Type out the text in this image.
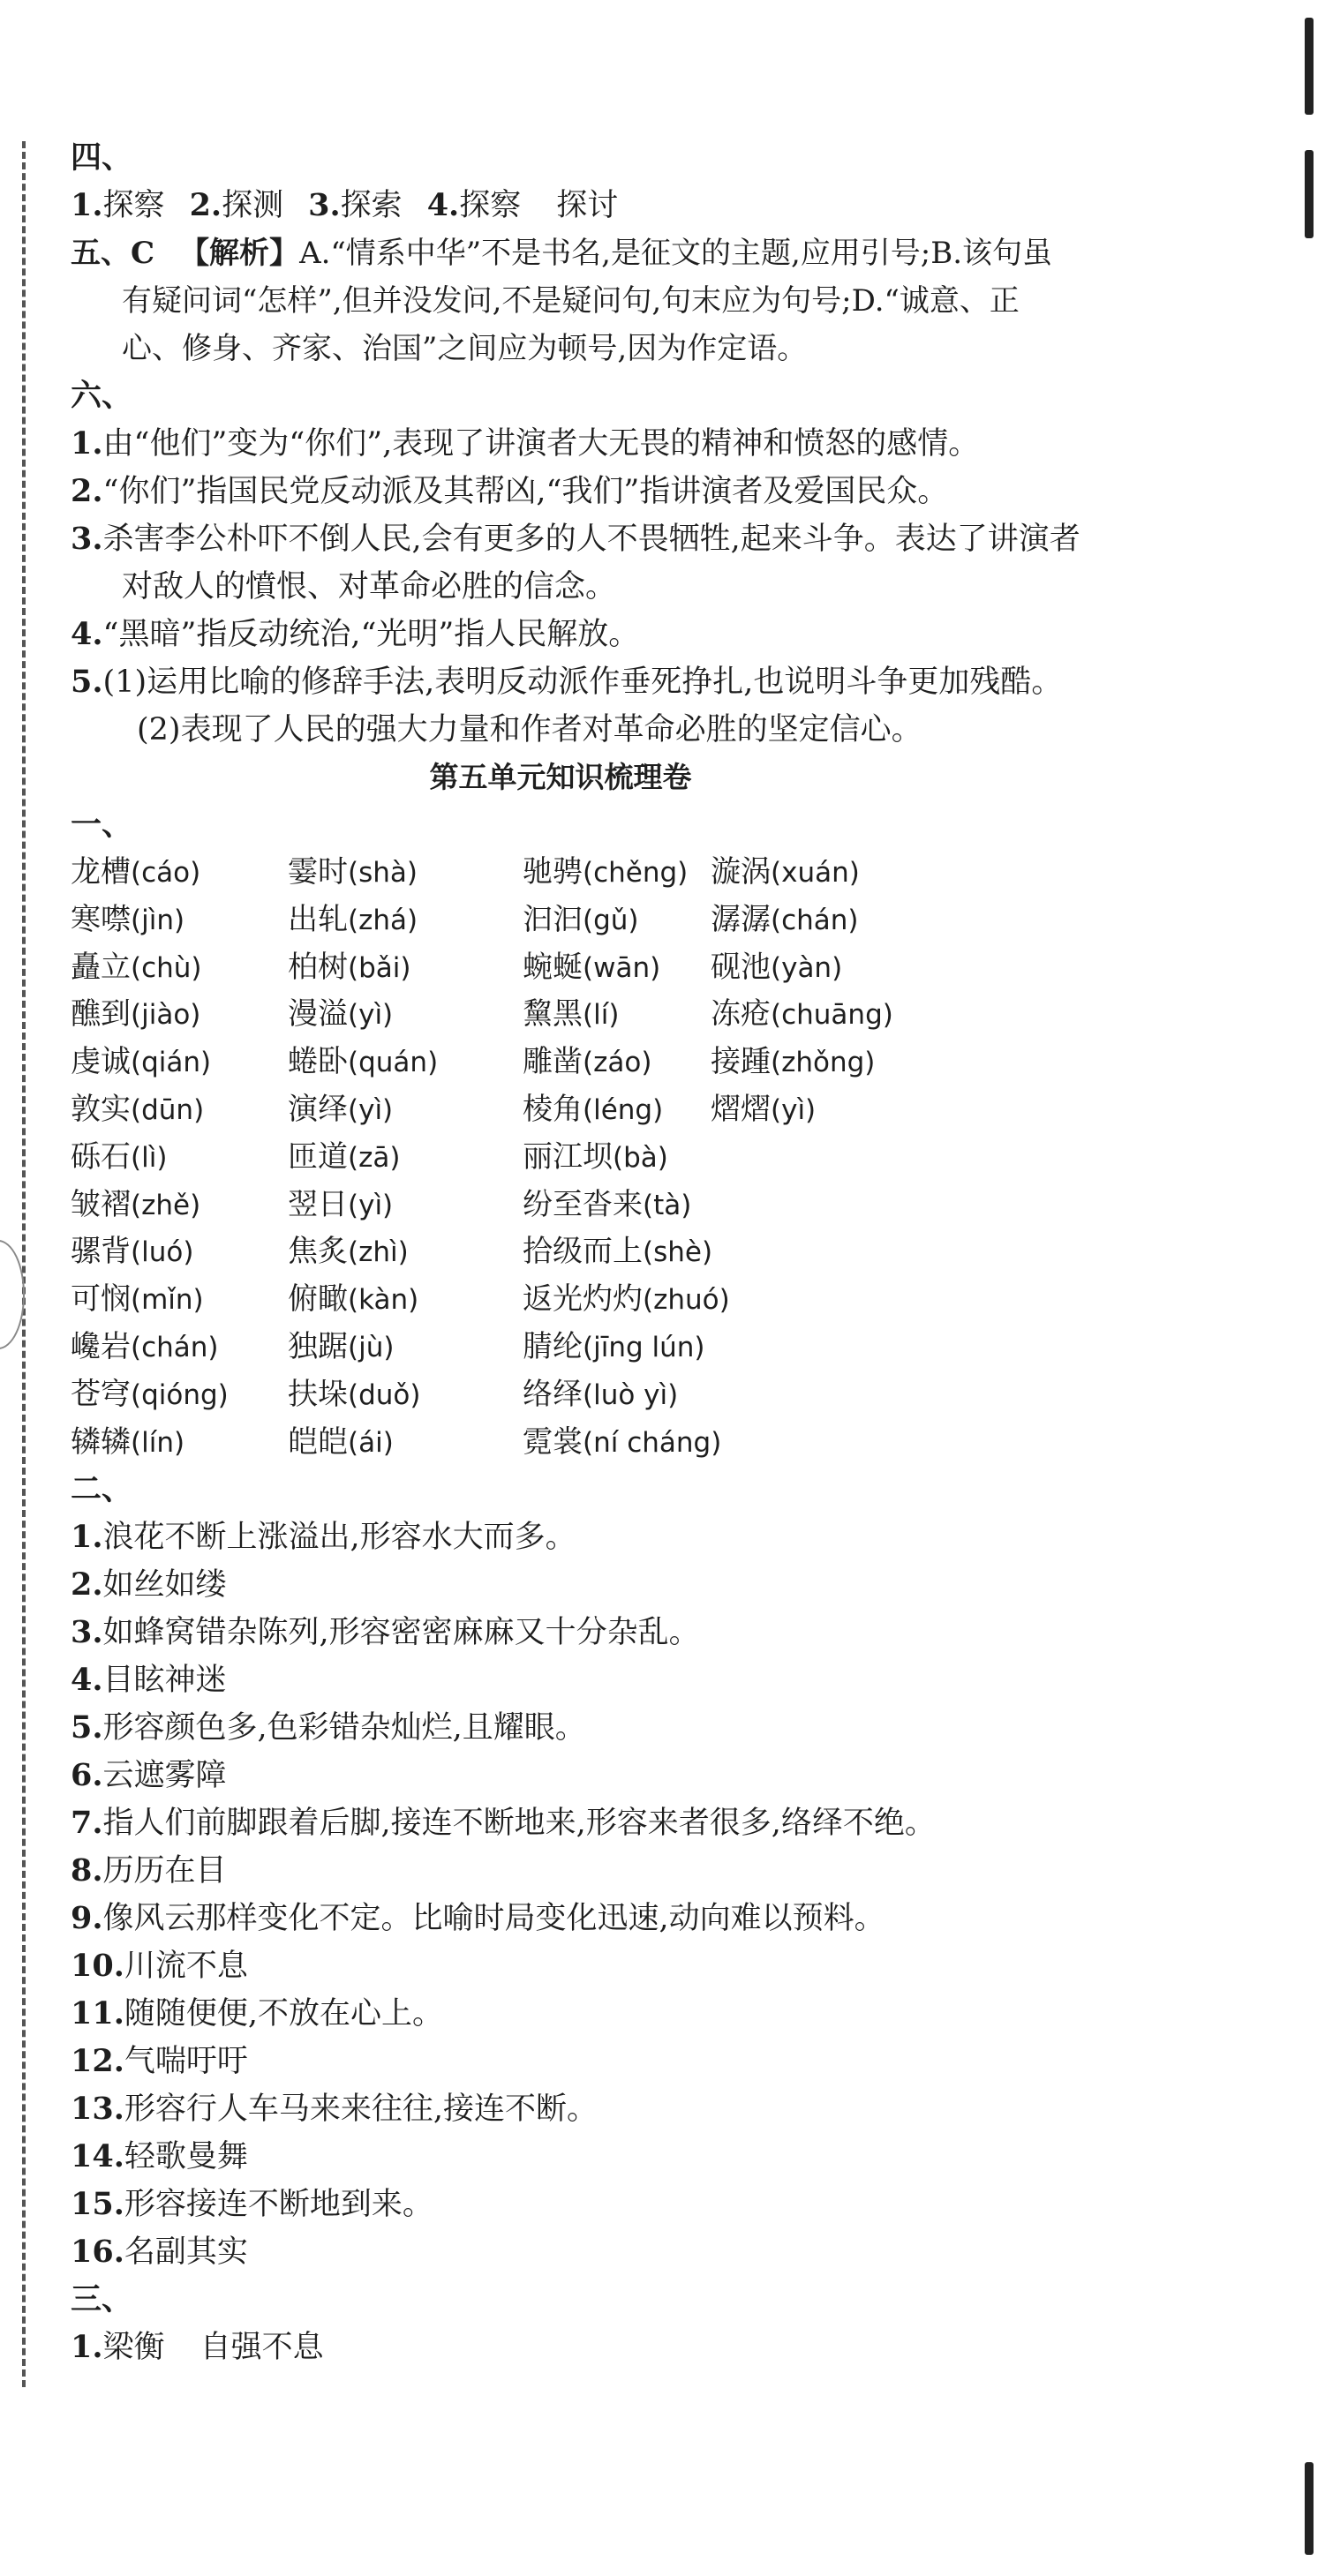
四、
1.探察 2.探测 3.探索 4.探察 探讨
五、C 【解析】A.“情系中华”不是书名,是征文的主题,应用引号;B.该句虽
有疑问词“怎样”,但并没发问,不是疑问句,句末应为句号;D.“诚意、正
心、修身、齐家、治国”之间应为顿号,因为作定语。
六、
1.由“他们”变为“你们”,表现了讲演者大无畏的精神和愤怒的感情。
2.“你们”指国民党反动派及其帮凶,“我们”指讲演者及爱国民众。
3.杀害李公朴吓不倒人民,会有更多的人不畏牺牲,起来斗争。表达了讲演者
对敌人的憤恨、对革命必胜的信念。
4.“黑暗”指反动统治,“光明”指人民解放。
5.(1)运用比喻的修辞手法,表明反动派作垂死挣扎,也说明斗争更加残酷。
(2)表现了人民的强大力量和作者对革命必胜的坚定信心。
第五单元知识梳理卷
一、
龙槽(cáo)	霎时(shà)	驰骋(chěng) 漩涡(xuán)
寒噤(jìn)	出轧(zhá)	汩汩(gǔ) 潺潺(chán)
矗立(chù)	柏树(bǎi)	蜿蜒(wān) 砚池(yàn)
醮到(jiào)	漫溢(yì)	黧黑(lí)	冻疮(chuāng)
虔诚(qián)	蜷卧(quán)	雕凿(záo) 接踵(zhǒng)
敦实(dūn)	演绎(yì)	棱角(léng) 熠熠(yì)
砾石(lì)	匝道(zā)	丽江坝(bà)
皱褶(zhě)	翌日(yì)	纷至沓来(tà)
骡背(luó)	焦炙(zhì)	拾级而上(shè)
可悯(mǐn)	俯瞰(kàn)	返光灼灼(zhuó)
巉岩(chán) 独踞(jù)	腈纶(jīng lún)
苍穹(qióng) 扶垛(duǒ)	络绎(luò yì)
辚辚(lín)	皑皑(ái)	霓裳(ní cháng)
二、
1.浪花不断上涨溢出,形容水大而多。
2.如丝如缕
3.如蜂窝错杂陈列,形容密密麻麻又十分杂乱。
4.目眩神迷
5.形容颜色多,色彩错杂灿烂,且耀眼。
6.云遮雾障
7.指人们前脚跟着后脚,接连不断地来,形容来者很多,络绎不绝。
8.历历在目
9.像风云那样变化不定。比喻时局变化迅速,动向难以预料。
10.川流不息
11.随随便便,不放在心上。
12.气喘吁吁
13.形容行人车马来来往往,接连不断。
14.轻歌曼舞
15.形容接连不断地到来。
16.名副其实
三、
1.梁衡 自强不息
